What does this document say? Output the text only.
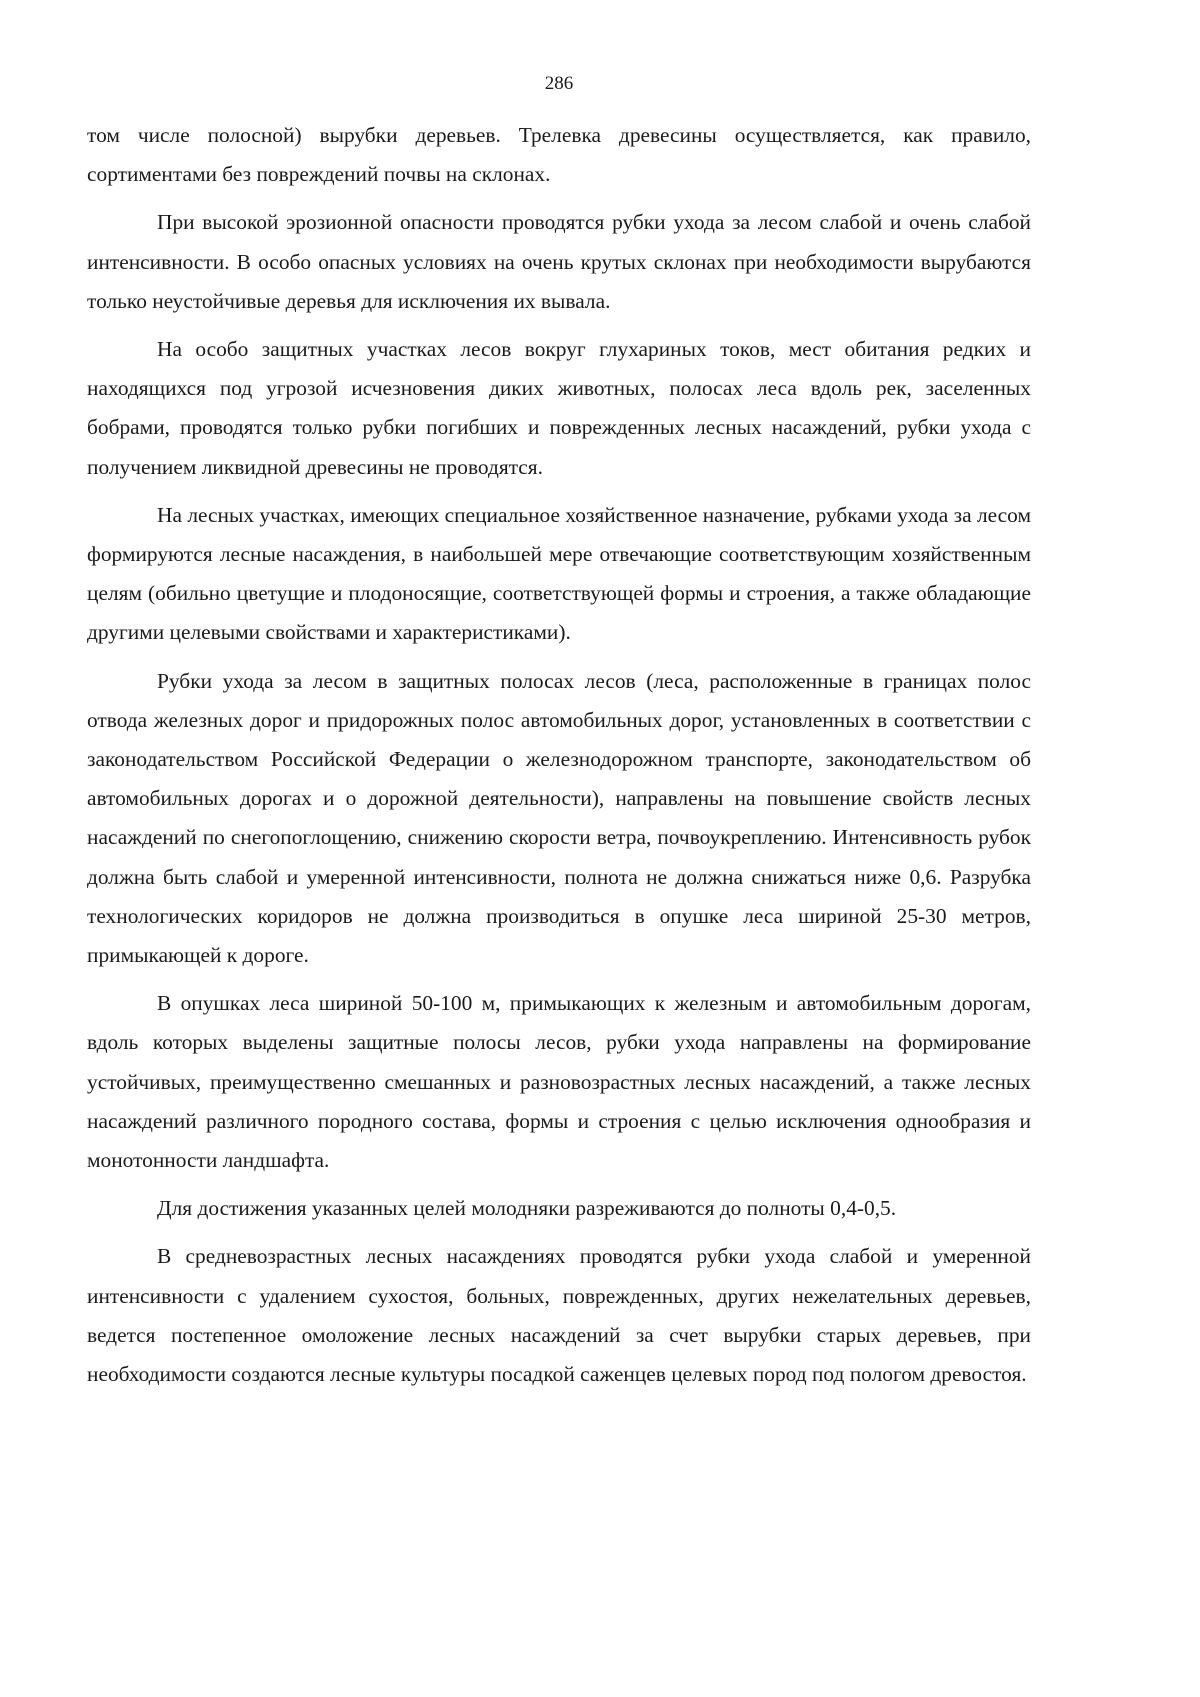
286

том числе полосной) вырубки деревьев. Трелевка древесины осуществляется, как правило, сортиментами без повреждений почвы на склонах.

При высокой эрозионной опасности проводятся рубки ухода за лесом слабой и очень слабой интенсивности. В особо опасных условиях на очень крутых склонах при необходимости вырубаются только неустойчивые деревья для исключения их вывала.

На особо защитных участках лесов вокруг глухариных токов, мест обитания редких и находящихся под угрозой исчезновения диких животных, полосах леса вдоль рек, заселенных бобрами, проводятся только рубки погибших и поврежденных лесных насаждений, рубки ухода с получением ликвидной древесины не проводятся.

На лесных участках, имеющих специальное хозяйственное назначение, рубками ухода за лесом формируются лесные насаждения, в наибольшей мере отвечающие соответствующим хозяйственным целям (обильно цветущие и плодоносящие, соответствующей формы и строения, а также обладающие другими целевыми свойствами и характеристиками).

Рубки ухода за лесом в защитных полосах лесов (леса, расположенные в границах полос отвода железных дорог и придорожных полос автомобильных дорог, установленных в соответствии с законодательством Российской Федерации о железнодорожном транспорте, законодательством об автомобильных дорогах и о дорожной деятельности), направлены на повышение свойств лесных насаждений по снегопоглощению, снижению скорости ветра, почвоукреплению. Интенсивность рубок должна быть слабой и умеренной интенсивности, полнота не должна снижаться ниже 0,6. Разрубка технологических коридоров не должна производиться в опушке леса шириной 25-30 метров, примыкающей к дороге.

В опушках леса шириной 50-100 м, примыкающих к железным и автомобильным дорогам, вдоль которых выделены защитные полосы лесов, рубки ухода направлены на формирование устойчивых, преимущественно смешанных и разновозрастных лесных насаждений, а также лесных насаждений различного породного состава, формы и строения с целью исключения однообразия и монотонности ландшафта.

Для достижения указанных целей молодняки разреживаются до полноты 0,4-0,5.

В средневозрастных лесных насаждениях проводятся рубки ухода слабой и умеренной интенсивности с удалением сухостоя, больных, поврежденных, других нежелательных деревьев, ведется постепенное омоложение лесных насаждений за счет вырубки старых деревьев, при необходимости создаются лесные культуры посадкой саженцев целевых пород под пологом древостоя.
